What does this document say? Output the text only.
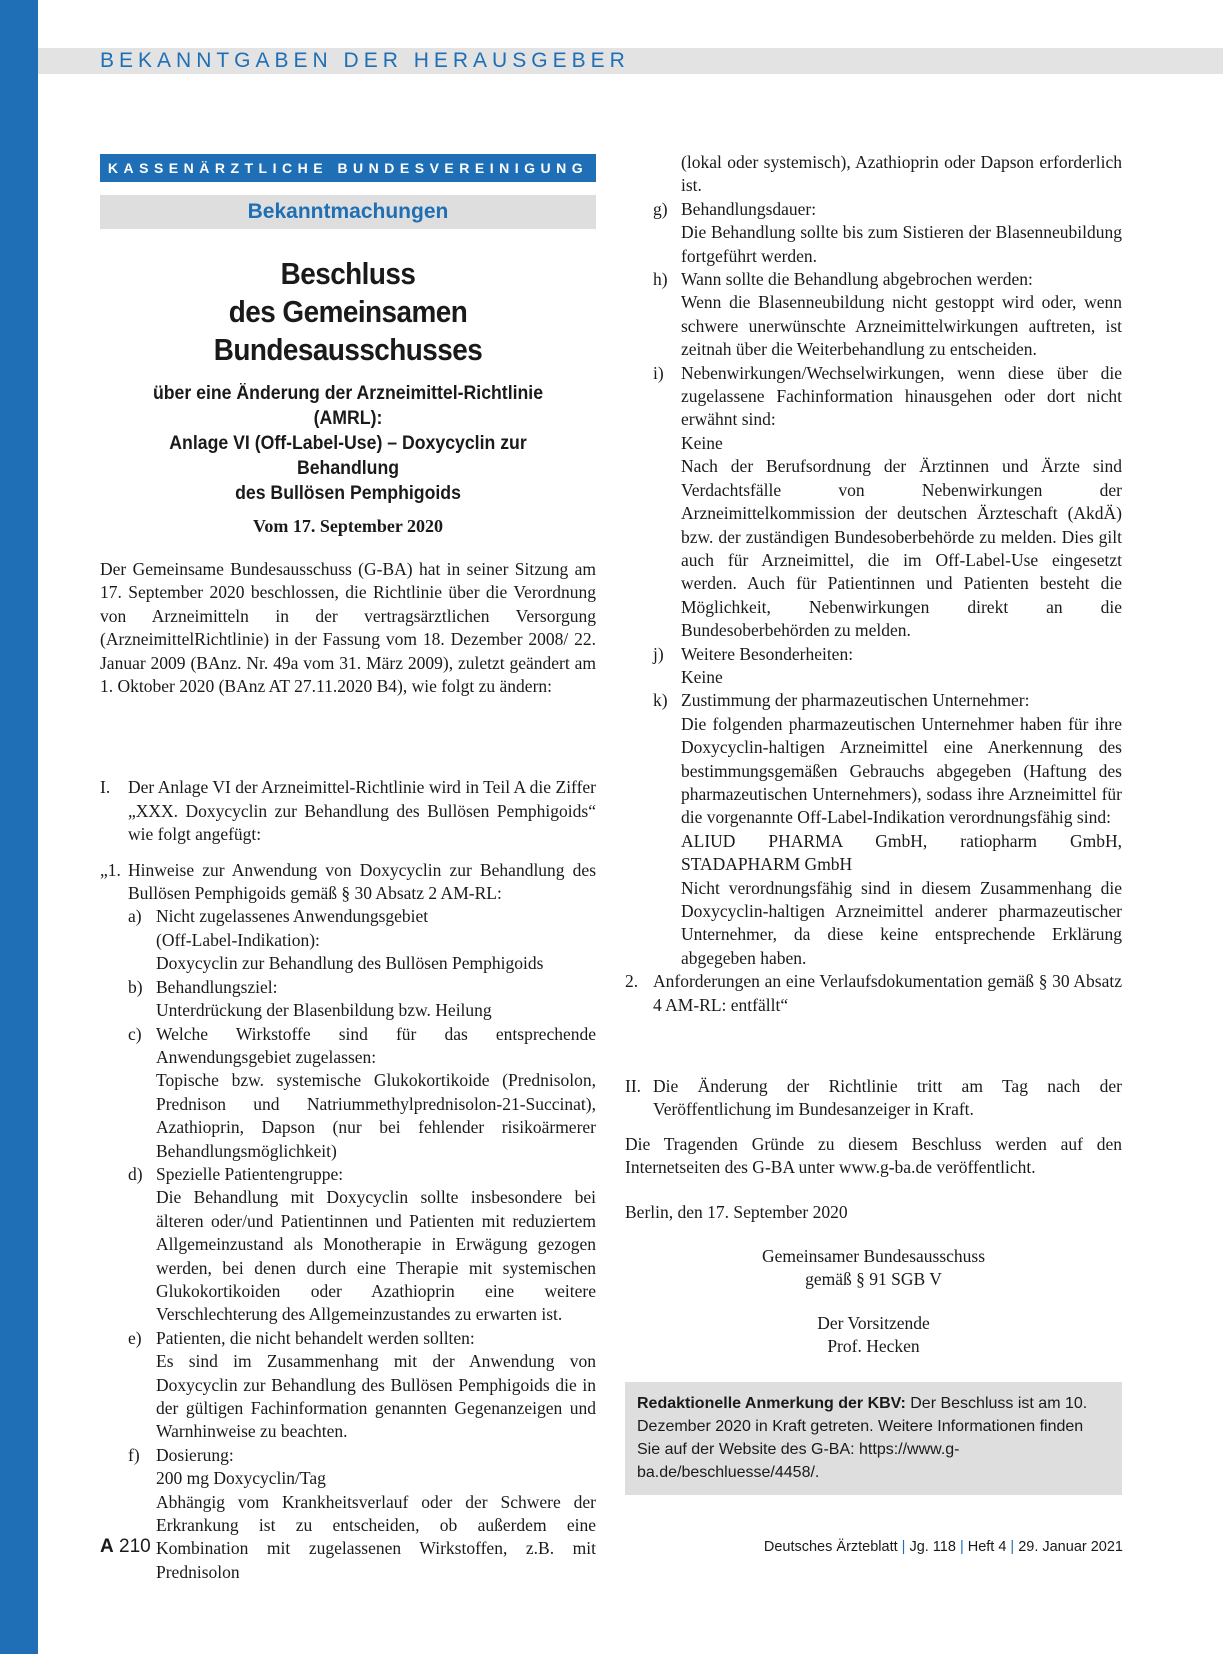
BEKANNTGABEN DER HERAUSGEBER
KASSENÄRZTLICHE BUNDESVEREINIGUNG
Bekanntmachungen
Beschluss
des Gemeinsamen Bundesausschusses
über eine Änderung der Arzneimittel-Richtlinie (AMRL):
Anlage VI (Off-Label-Use) – Doxycyclin zur Behandlung
des Bullösen Pemphigoids
Vom 17. September 2020
Der Gemeinsame Bundesausschuss (G-BA) hat in seiner Sitzung am 17. September 2020 beschlossen, die Richtlinie über die Verordnung von Arzneimitteln in der vertragsärztlichen Versorgung (ArzneimittelRichtlinie) in der Fassung vom 18. Dezember 2008/ 22. Januar 2009 (BAnz. Nr. 49a vom 31. März 2009), zuletzt geändert am 1. Oktober 2020 (BAnz AT 27.11.2020 B4), wie folgt zu ändern:
I.	Der Anlage VI der Arzneimittel-Richtlinie wird in Teil A die Ziffer „XXX. Doxycyclin zur Behandlung des Bullösen Pemphigoids“ wie folgt angefügt:
„1. Hinweise zur Anwendung von Doxycyclin zur Behandlung des Bullösen Pemphigoids gemäß § 30 Absatz 2 AM-RL:
a) Nicht zugelassenes Anwendungsgebiet
(Off-Label-Indikation):
Doxycyclin zur Behandlung des Bullösen Pemphigoids
b) Behandlungsziel:
Unterdrückung der Blasenbildung bzw. Heilung
c) Welche Wirkstoffe sind für das entsprechende Anwendungsgebiet zugelassen:
Topische bzw. systemische Glukokortikoide (Prednisolon, Prednison und Natriummethylprednisolon-21-Succinat), Azathioprin, Dapson (nur bei fehlender risikoärmerer Behandlungsmöglichkeit)
d) Spezielle Patientengruppe:
Die Behandlung mit Doxycyclin sollte insbesondere bei älteren oder/und Patientinnen und Patienten mit reduziertem Allgemeinzustand als Monotherapie in Erwägung gezogen werden, bei denen durch eine Therapie mit systemischen Glukokortikoiden oder Azathioprin eine weitere Verschlechterung des Allgemeinzustandes zu erwarten ist.
e) Patienten, die nicht behandelt werden sollten:
Es sind im Zusammenhang mit der Anwendung von Doxycyclin zur Behandlung des Bullösen Pemphigoids die in der gültigen Fachinformation genannten Gegenanzeigen und Warnhinweise zu beachten.
f) Dosierung:
200 mg Doxycyclin/Tag
Abhängig vom Krankheitsverlauf oder der Schwere der Erkrankung ist zu entscheiden, ob außerdem eine Kombination mit zugelassenen Wirkstoffen, z.B. mit Prednisolon
(lokal oder systemisch), Azathioprin oder Dapson erforderlich ist.
g) Behandlungsdauer:
Die Behandlung sollte bis zum Sistieren der Blasenneubildung fortgeführt werden.
h) Wann sollte die Behandlung abgebrochen werden:
Wenn die Blasenneubildung nicht gestoppt wird oder, wenn schwere unerwünschte Arzneimittelwirkungen auftreten, ist zeitnah über die Weiterbehandlung zu entscheiden.
i) Nebenwirkungen/Wechselwirkungen, wenn diese über die zugelassene Fachinformation hinausgehen oder dort nicht erwähnt sind:
Keine
Nach der Berufsordnung der Ärztinnen und Ärzte sind Verdachtsfälle von Nebenwirkungen der Arzneimittelkommission der deutschen Ärzteschaft (AkdÄ) bzw. der zuständigen Bundesoberbehörde zu melden. Dies gilt auch für Arzneimittel, die im Off-Label-Use eingesetzt werden. Auch für Patientinnen und Patienten besteht die Möglichkeit, Nebenwirkungen direkt an die Bundesoberbehörden zu melden.
j) Weitere Besonderheiten:
Keine
k) Zustimmung der pharmazeutischen Unternehmer:
Die folgenden pharmazeutischen Unternehmer haben für ihre Doxycyclin-haltigen Arzneimittel eine Anerkennung des bestimmungsgemäßen Gebrauchs abgegeben (Haftung des pharmazeutischen Unternehmers), sodass ihre Arzneimittel für die vorgenannte Off-Label-Indikation verordnungsfähig sind:
ALIUD PHARMA GmbH, ratiopharm GmbH, STADAPHARM GmbH
Nicht verordnungsfähig sind in diesem Zusammenhang die Doxycyclin-haltigen Arzneimittel anderer pharmazeutischer Unternehmer, da diese keine entsprechende Erklärung abgegeben haben.
2. Anforderungen an eine Verlaufsdokumentation gemäß § 30 Absatz 4 AM-RL: entfällt“
II. Die Änderung der Richtlinie tritt am Tag nach der Veröffentlichung im Bundesanzeiger in Kraft.
Die Tragenden Gründe zu diesem Beschluss werden auf den Internetseiten des G-BA unter www.g-ba.de veröffentlicht.
Berlin, den 17. September 2020
Gemeinsamer Bundesausschuss
gemäß § 91 SGB V
Der Vorsitzende
Prof. Hecken
Redaktionelle Anmerkung der KBV: Der Beschluss ist am 10. Dezember 2020 in Kraft getreten. Weitere Informationen finden Sie auf der Website des G-BA: https://www.g-ba.de/beschluesse/4458/.
A 210	Deutsches Ärzteblatt | Jg. 118 | Heft 4 | 29. Januar 2021
